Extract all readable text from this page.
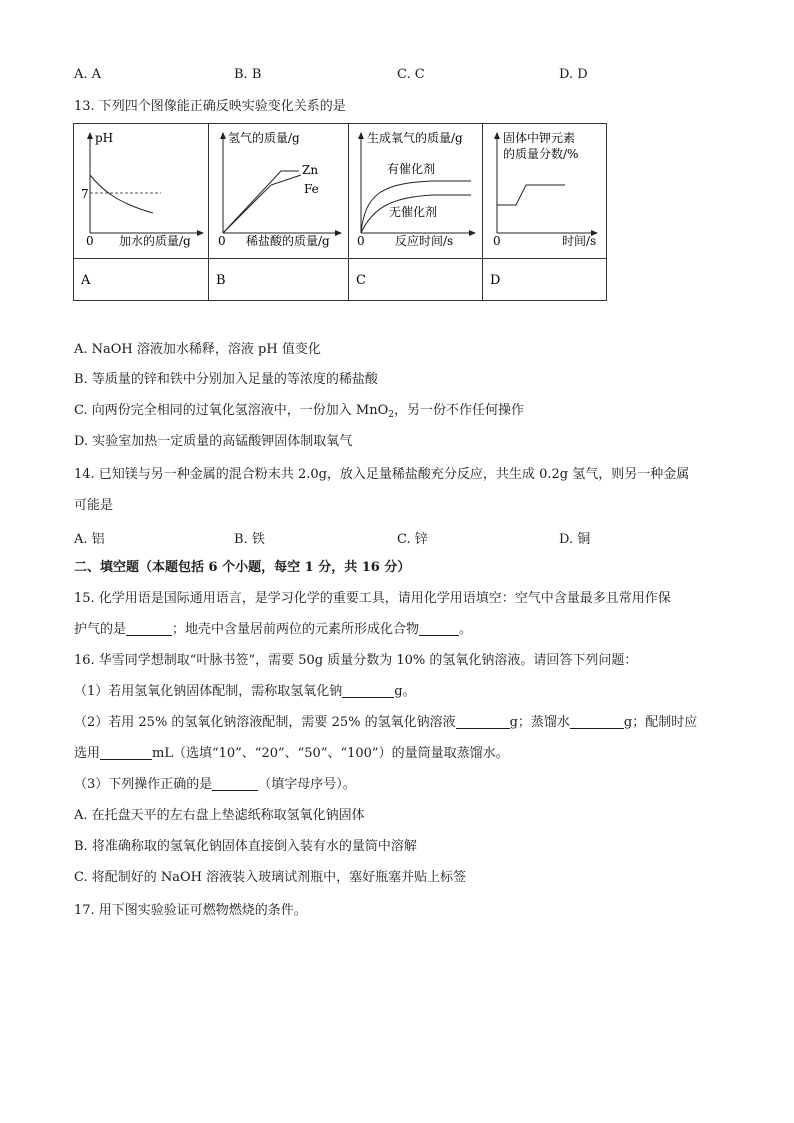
A. A	B. B	C. C	D. D
13. 下列四个图像能正确反映实验变化关系的是
pH
7
0 加水的质量/g
氢气的质量/g
Zn
Fe
0 稀盐酸的质量/g
生成氧气的质量/g
有催化剂
无催化剂
0	反应时间/s
固体中钾元素
的质量分数/%
0	时间/s
A	B	C	D
A. NaOH 溶液加水稀释，溶液 pH 值变化
B. 等质量的锌和铁中分别加入足量的等浓度的稀盐酸
C. 向两份完全相同的过氧化氢溶液中，一份加入 MnO$_2$，另一份不作任何操作
D. 实验室加热一定质量的高锰酸钾固体制取氧气
14. 已知镁与另一种金属的混合粉末共 2.0g，放入足量稀盐酸充分反应，共生成 0.2g 氢气，则另一种金属
可能是
A. 铝	B. 铁	C. 锌	D. 铜
二、填空题（本题包括 6 个小题，每空 1 分，共 16 分）
15. 化学用语是国际通用语言，是学习化学的重要工具，请用化学用语填空：空气中含量最多且常用作保
护气的是	；地壳中含量居前两位的元素所形成化合物	。
16. 华雪同学想制取“叶脉书签”，需要 50g 质量分数为 10% 的氢氧化钠溶液。请回答下列问题：
（1）若用氢氧化钠固体配制，需称取氢氧化钠	g。
（2）若用 25% 的氢氧化钠溶液配制，需要 25% 的氢氧化钠溶液	g；蒸馏水	g；配制时应
选用	mL（选填“10”、“20”、“50”、“100”）的量筒量取蒸馏水。
（3）下列操作正确的是	（填字母序号）。
A. 在托盘天平的左右盘上垫滤纸称取氢氧化钠固体
B. 将准确称取的氢氧化钠固体直接倒入装有水的量筒中溶解
C. 将配制好的 NaOH 溶液装入玻璃试剂瓶中，塞好瓶塞并贴上标签
17. 用下图实验验证可燃物燃烧的条件。
